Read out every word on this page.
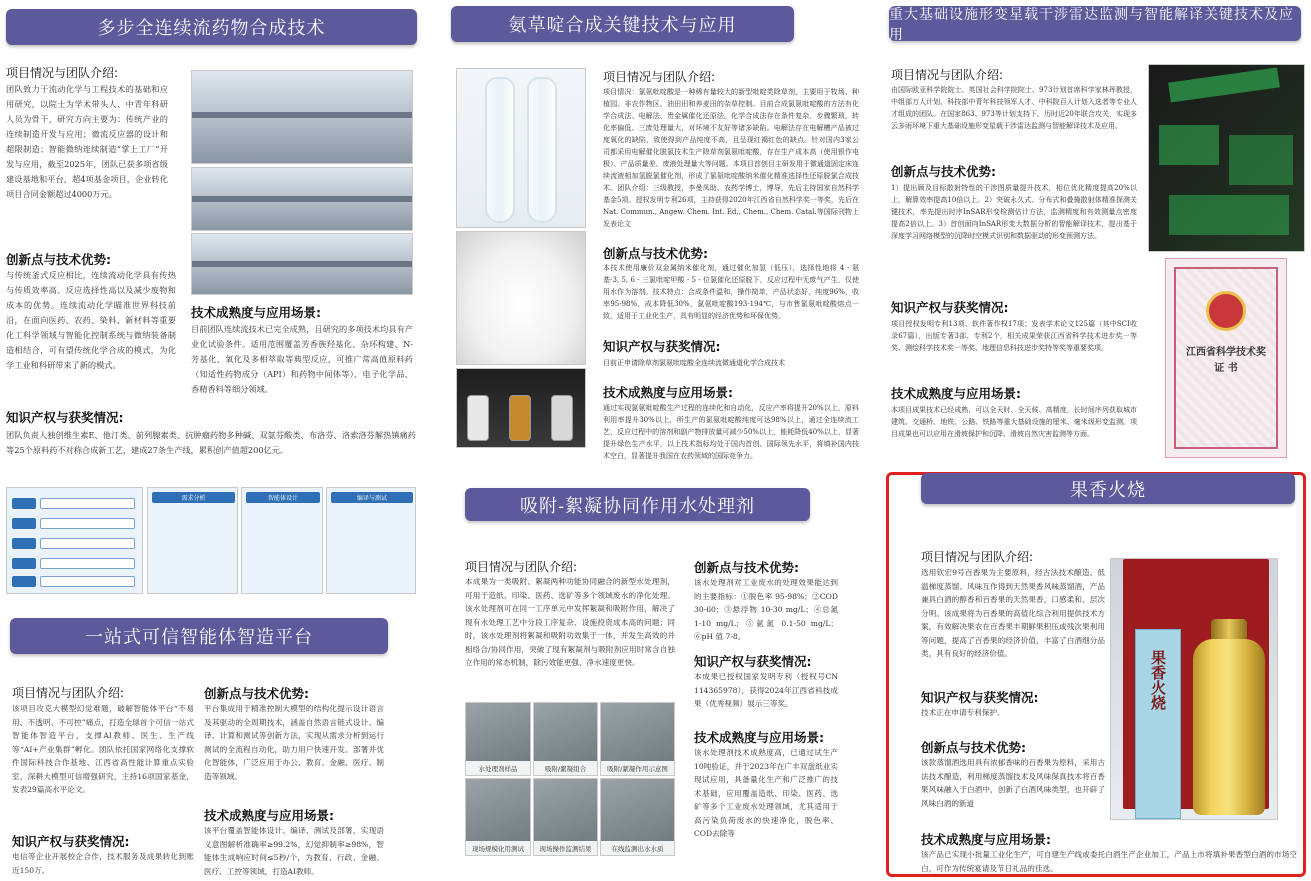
多步全连续流药物合成技术
项目情况与团队介绍:
团队致力于流动化学与工程技术的基础和应用研究，以院士为学术带头人、中青年科研人员为骨干，研究方向主要为：传统产业的连续制造开发与应用；微流反应器的设计和超限制造；智能微纳连续制造“掌上工厂”开发与应用，截至2025年，团队已获多项省级建设基地和平台，超4项基金项目，企业转化项目合同金额超过4000万元。
创新点与技术优势:
与传统釜式反应相比，连续流动化学具有传热与传质效率高、反应选择性高以及减少废物和成本的优势。连续流动化学瞄准世界科技前沿，在面向医药、农药、染料、新材料等重要化工科学领域与智能化控制系统与微纳装备制造相结合，可有望传统化学合成的模式，为化学工业和科研带来了新的模式。
技术成熟度与应用场景:
目前团队连续流技术已完全成熟，且研究的多项技术均具有产业化试验条件。适用范围覆盖芳香族羟基化、杂环构建、N-芳基化、氧化及多相萃取等典型反应，可推广常高值原料药（知适性药物成分（API）和药物中间体等）、电子化学品、香精香料等细分领域。
知识产权与获奖情况:
团队负责人独创维生素E、他汀类、前列腺素类、抗肿瘤药物多种碱、双氯芬酸类、布洛芬、洛索洛芬解热镇痛药等25个原料药不对称合成新工艺，建成27条生产线，累积创产值超200亿元。
需求分析	智能体设计	编译与测试
一站式可信智能体智造平台
项目情况与团队介绍:
该项目攻克大模型幻觉难题，破解智能体平台“不易用、不透明、不可控”痛点，打造全球首个可信一站式智能体智造平台，支撑AI教师、医生、生产线等“AI+产业集群”孵化。团队依托国家网络化支撑软件国际科技合作基地、江西省高性能计算重点实验室，深耕大模型可信增强研究，主持16项国家基金，发表29篇高水平论文。
创新点与技术优势:
平台集成用于精准控制大模型的结构化提示设计语言及其驱动的全周期技术，涵盖自然语言链式设计、编译、计算和测试等创新方法，实现从需求分析到运行测试的全流程自动化，助力用户快速开发。部署并优化智能体，广泛应用于办公、教育、金融、医疗、制造等领域。
技术成熟度与应用场景:
该平台覆盖智能体设计、编译、测试及部署，实现语义意图解析准确率≥99.2%，幻觉抑制率≥98%，智能体生成响应时间≤5秒/个，为教育、行政、金融、医疗、工控等领域，打造AI教师。
知识产权与获奖情况:
电信等企业开展校企合作，技术服务及成果转化到账近150万。
氨草啶合成关键技术与应用
项目情况与团队介绍:
项目情况：氯氨吡啶酸是一种稀有量较大的新型吡啶类除草剂，主要用于牧场、种植园、非农作物区、油田田和养麦田的杂草控制。目前合成氯氨吡啶酸的方法有化学合成法、电解法、贵金属催化还原法。化学合成法存在条件复杂、步骤繁琐，转化率偏低、三废处理量大，对环境不友好等诸多缺陷。电解法存在电解槽产品被过度氧化的缺陷，致使得到产品纯度不高，且呈现红褐红色的缺点。针对国内3家公司都采用电解催化脱氯技术生产除草剂氯氨吡啶酸，存在生产成本高（使用银作电极）、产品质量差、废液处理量大等问题。本项目首创目主研发用于微通道固定床连续流液相加氢脱氯催化剂，形成了氯氨吡啶酸纳米催化精准选择性还原脱氯合成技术。团队介绍：三级教授，李曼凤助、农药学博士，博导，先后主持国家自然科学基金5项。授权发明专利26项，主持获得2020年江西省自然科学奖一等奖，先后在Nat. Commun., Angew. Chem. Int. Ed., Chem., Chem. Catal.等国际刊物上发表论文
创新点与技术优势:
本技术使用廉价双金属纳米催化剂，通过催化加氢（低压），选择性地将 4 - 氨基-3, 5, 6 - 三氯吡啶甲酸 - 5 - 位氯催化还原脱下，反应过程中无废气产生，仅使用水作为溶剂。技术特点：合成条件温和，操作简单，产品状态好，纯度96%，收率95-98%，成本降低30%，氯氨吡啶酸193-194℃，与市售氯氨吡啶酸熔点一致，适用于工业化生产，具有明显的经济优势和环保优势。
知识产权与获奖情况:
目前正申请除草剂氯氨吡啶酸全连续流微通道化学合成技术
技术成熟度与应用场景:
通过实现氯氨吡啶酸生产过程的连续化和自动化，反应产率将提升20%以上，原料利用率提升30%以上，所生产的氯氨吡啶酸纯度可达98%以上，通过全连续流工艺，反应过程中的溶剂和副产物排放量可减少50%以上，能耗降低40%以上，显著提升绿色生产水平，以上技术指标均处于国内首创、国际领先水平，将填补国内技术空白，显著提升我国在农药领域的国际竞争力。
吸附-絮凝协同作用水处理剂
项目情况与团队介绍:
本成果为一类吸附、絮凝两种功能协同融合的新型水处理剂，可用于造纸、印染、医药、选矿等多个领域废水的净化处理。该水处理剂可在同一工序单元中发挥絮凝和吸附作用，解决了现有水处理工艺中分段工序复杂、设施投资成本高的问题；同时，该水处理剂将絮凝和吸附功效集于一体，并发生高效的并相络合/协同作用，突破了现有絮凝剂与吸附剂应用时常含自独立作用的常态机制，除污效能更强、净水速度更快。
水处理剂样品	吸附/絮凝组合	吸附/絮凝作用示意图
现场规模化用测试	现场操作监测结果	在线监测出水水质
创新点与技术优势:
该水处理剂对工业废水的处理效果能达到的主要指标：①脱色率 95-98%；②COD 30-60；③悬浮物 10-30 mg/L；④总氮 1-10 mg/L；⑤氨氮 0.1-50 mg/L；⑥pH 值 7-8。
知识产权与获奖情况:
本成果已授权国家发明专利（授权号CN 114365978），获得2024年江西省科技成果（优秀视频）展示三等奖。
技术成熟度与应用场景:
该水处理剂技术成熟度高，已通过试生产10吨验证，并于2023年在广丰双盘纸业实现试应用，具备量化生产和广泛推广的技术基础，应用覆盖造纸、印染、医药、选矿等多个工业废水处理领域，尤其适用于高污染负荷废水的快速净化，脱色率、COD去除等
重大基础设施形变星载干涉雷达监测与智能解译关键技术及应用
项目情况与团队介绍:
由国际欧亚科学院院士、英国社会科学院院士、973计划首席科学家林珲教授，中组部万人计划、科技部中青年科技领军人才、中科院百人计划入选者等专业人才组成的团队。在国家863、973等计划支持下，历时近20年联合攻关，实现多云多雨环境下重大基础设施形变星载干涉雷达监测与智能解译技术及应用。
创新点与技术优势:
1）提出顾及目标散射特性的干涉图质量提升技术，相位优化精度提高20%以上，解算效率提高10倍以上。2）突破永久式、分布式和叠掩散射体精准探测关键技术，率先提出时序InSAR形变检测估计方法，监测精度和有效测量点密度提高2倍以上。3）首创面向InSAR形变大数据分析的智能解译技术，提出基于深度学习网络模型的沉降时空模式识别和数据驱动的形变预测方法。
知识产权与获奖情况:
项目授权发明专利13项、软件著作权17项；发表学术论文125篇（其中SCI收录67篇），出版专著3部、专利2个，相关成果荣获江西省科学技术进步奖一等奖、测绘科学技术奖一等奖、地理信息科技进步奖特等奖等重要奖项。
技术成熟度与应用场景:
本项目成果技术已经成熟，可以全天时、全天候、高精度，长时间序列获取城市建筑、交通桥、地铁、公路、铁路等重大基础设施的厘米、毫米级形变监测。项目成果也可以应用在滑坡保护和沉降、滑坡自然灾害监测等方面。
江西省科学技术奖
证 书
果香火烧
项目情况与团队介绍:
选用钦宏9号百香果为主要原料，经古法技术酿造、低温梯度蒸馏、风味互作得到天然果香风味蒸馏酒，产品兼具白酒的醇香和百香果的天然果香，口感柔和、层次分明。该成果将为百香果的高值化综合利用提供技术方案，有效解决果农在百香果丰期鲜果积压或残次果利用等问题，提高了百香果的经济价值，丰富了白酒细分品类，具有良好的经济价值。
知识产权与获奖情况:
技术正在申请专利保护。
创新点与技术优势:
该款蒸馏酒选用具有浓郁香味的百香果为原料，采用古法技术酿造，利用梯度蒸馏技术及风味保真技术将百香果风味融入于白酒中，创新了白酒风味类型，也开辟了风味白酒的新道
技术成熟度与应用场景:
该产品已实现小批量工业化生产，可自建生产线或委托白酒生产企业加工，产品上市将填补果香型白酒的市场空白，可作为传统宴请及节日礼品的佳选。
果香火烧
